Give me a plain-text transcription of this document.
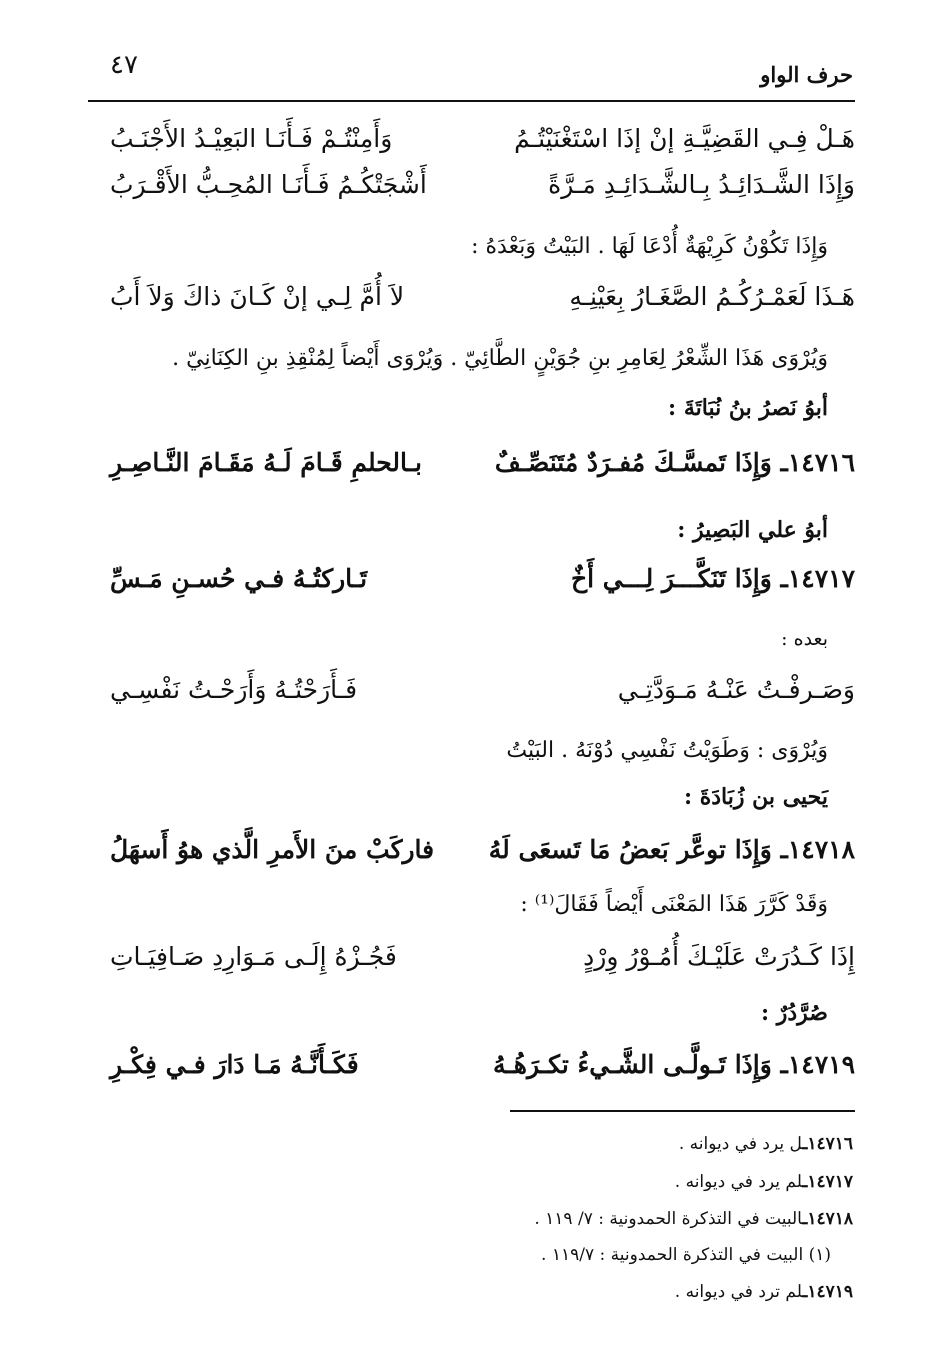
حرف الواو
٤٧
هَـلْ فِـي القَضِيَّـةِ إنْ إذَا اسْتَغْنَيْتُـمُ
وَأَمِنْتُـمْ فَـأَنَـا البَعِيْـدُ الأَجْنَـبُ
وَإِذَا الشَّـدَائِـدُ بِـالشَّـدَائِـدِ مَـرَّةً
أَشْجَتْكُـمُ فَـأَنَـا المُحِـبُّ الأَقْـرَبُ
وَإِذَا تَكُوْنُ كَرِيْهَةٌ أُدْعَا لَهَا . البَيْتُ وَبَعْدَهُ :
هَـذَا لَعَمْـرُكُـمُ الصَّغَـارُ بِعَيْنِـهِ
لاَ أُمَّ لِـي إنْ كَـانَ ذاكَ وَلاَ أَبُ
وَيُرْوَى هَذَا الشِّعْرُ لِعَامِرِ بنِ جُوَيْنٍ الطَّائِيّ . وَيُرْوَى أَيْضاً لِمُنْقِذِ بنِ الكِنَانِيّ .
أبوُ نَصرُ بنُ نُبَاتَةَ :
١٤٧١٦ـ وَإِذَا تَمسَّـكَ مُفـرَدٌ مُتَنَصِّـفٌ
بـالحلمِ قَـامَ لَـهُ مَقَـامَ النَّـاصِـرِ
أبوُ علي البَصِيرُ :
١٤٧١٧ـ وَإِذَا تَنَكَّـــرَ لِـــي أَخٌ
تَـاركتُـهُ فـي حُسـنِ مَـسِّ
بعده :
وَصَـرفْـتُ عَنْـهُ مَـوَدَّتِـي
فَـأَرَحْتُـهُ وَأَرَحْـتُ نَفْسِـي
وَيُرْوَى : وَطَوَيْتُ نَفْسِي دُوْنَهُ . البَيْتُ
يَحيى بن زُبَادَةَ :
١٤٧١٨ـ وَإِذَا توعَّر بَعضُ مَا تَسعَى لَهُ
فاركَبْ منَ الأَمرِ الَّذي هوُ أَسهَلُ
وَقَدْ كَرَّرَ هَذَا المَعْنَى أَيْضاً فَقَالَ⁽¹⁾ :
إِذَا كَـدُرَتْ عَلَيْـكَ أُمُـوْرُ وِرْدٍ
فَجُـزْهُ إِلَـى مَـوَارِدِ صَـافِيَـاتِ
صُرَّدُرٌ :
١٤٧١٩ـ وَإِذَا تَـولَّـى الشَّـيءُ تكـرَهُـهُ
فَكَـأَنَّـهُ مَـا دَارَ فـي فِكْـرِ
١٤٧١٦ـل يرد في ديوانه .
١٤٧١٧ـلم يرد في ديوانه .
١٤٧١٨ـالبيت في التذكرة الحمدونية : ٧/ ١١٩ .
(١) البيت في التذكرة الحمدونية : ١١٩/٧ .
١٤٧١٩ـلم ترد في ديوانه .
